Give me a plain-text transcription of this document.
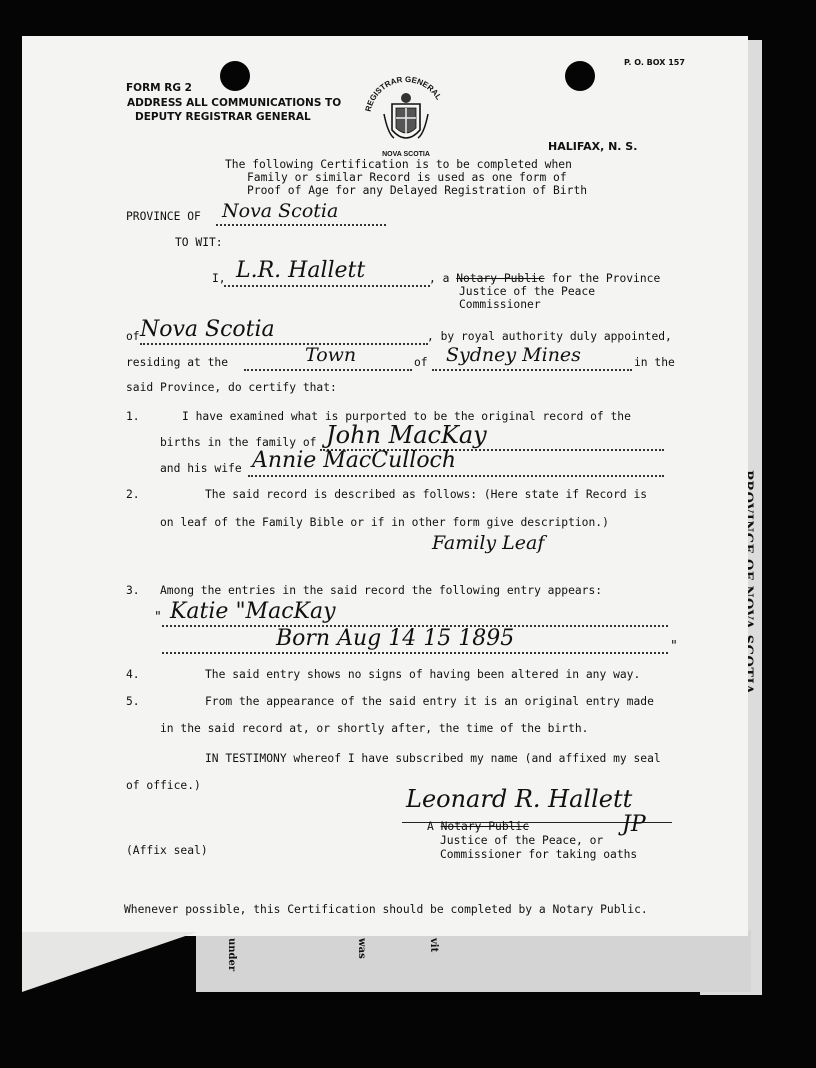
under	was	vit
FORM RG 2
ADDRESS ALL COMMUNICATIONS TO
DEPUTY REGISTRAR GENERAL
P. O. BOX 157
HALIFAX, N. S.
REGISTRAR GENERAL
NOVA SCOTIA
The following Certification is to be completed when
Family or similar Record is used as one form of
Proof of Age for any Delayed Registration of Birth
PROVINCE OF Nova Scotia
TO WIT:
I, L.R. Hallett	, a Notary Public for the Province
Justice of the Peace
Commissioner
of Nova Scotia	, by royal authority duly appointed,
residing at the	Town	of Sydney Mines	in the
said Province, do certify that:
1.	I have examined what is purported to be the original record of the
births in the family of John MacKay
and his wife Annie MacCulloch
2.	The said record is described as follows: (Here state if Record is
on leaf of the Family Bible or if in other form give description.)
Family Leaf
3. Among the entries in the said record the following entry appears:
" Katie "MacKay
Born Aug 14 15 1895	"
4.	The said entry shows no signs of having been altered in any way.
5.	From the appearance of the said entry it is an original entry made
in the said record at, or shortly after, the time of the birth.
IN TESTIMONY whereof I have subscribed my name (and affixed my seal
of office.)	Leonard R. Hallett
A Notary Public	JP
Justice of the Peace, or
Commissioner for taking oaths
(Affix seal)
Whenever possible, this Certification should be completed by a Notary Public.
